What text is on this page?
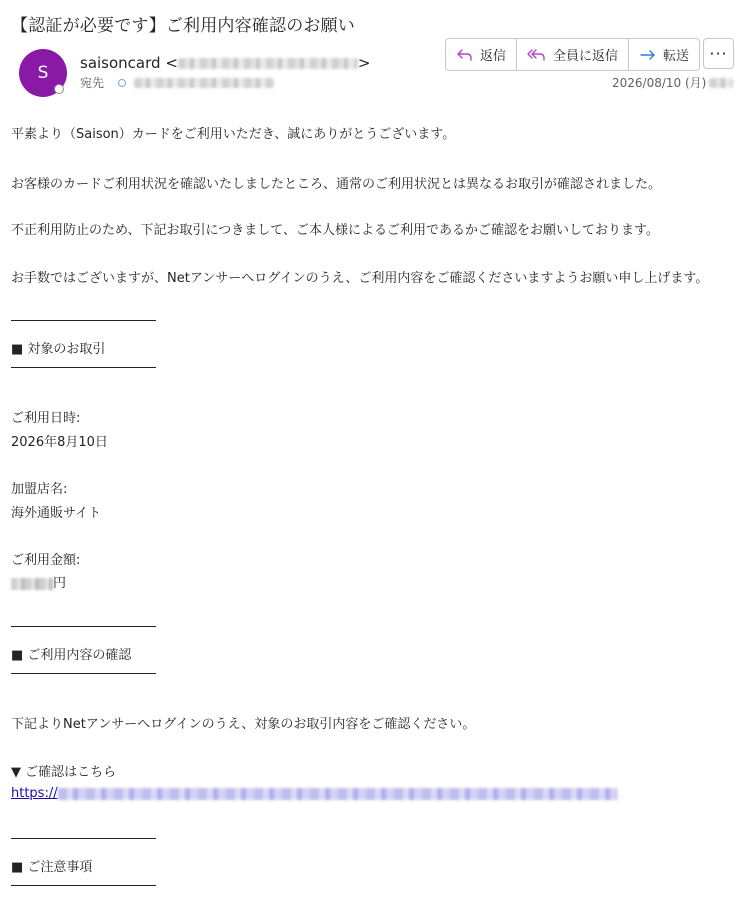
【認証が必要です】ご利用内容確認のお願い
S saisoncard <	>
宛先
返信	全員に返信	転送 ···
2026/08/10 (月)
平素より（Saison）カードをご利用いただき、誠にありがとうございます。
お客様のカードご利用状況を確認いたしましたところ、通常のご利用状況とは異なるお取引が確認されました。
不正利用防止のため、下記お取引につきまして、ご本人様によるご利用であるかご確認をお願いしております。
お手数ではございますが、Netアンサーへログインのうえ、ご利用内容をご確認くださいますようお願い申し上げます。
■ 対象のお取引
ご利用日時:
2026年8月10日
加盟店名:
海外通販サイト
ご利用金額:
円
■ ご利用内容の確認
下記よりNetアンサーへログインのうえ、対象のお取引内容をご確認ください。
▼ ご確認はこちら
https://
■ ご注意事項
